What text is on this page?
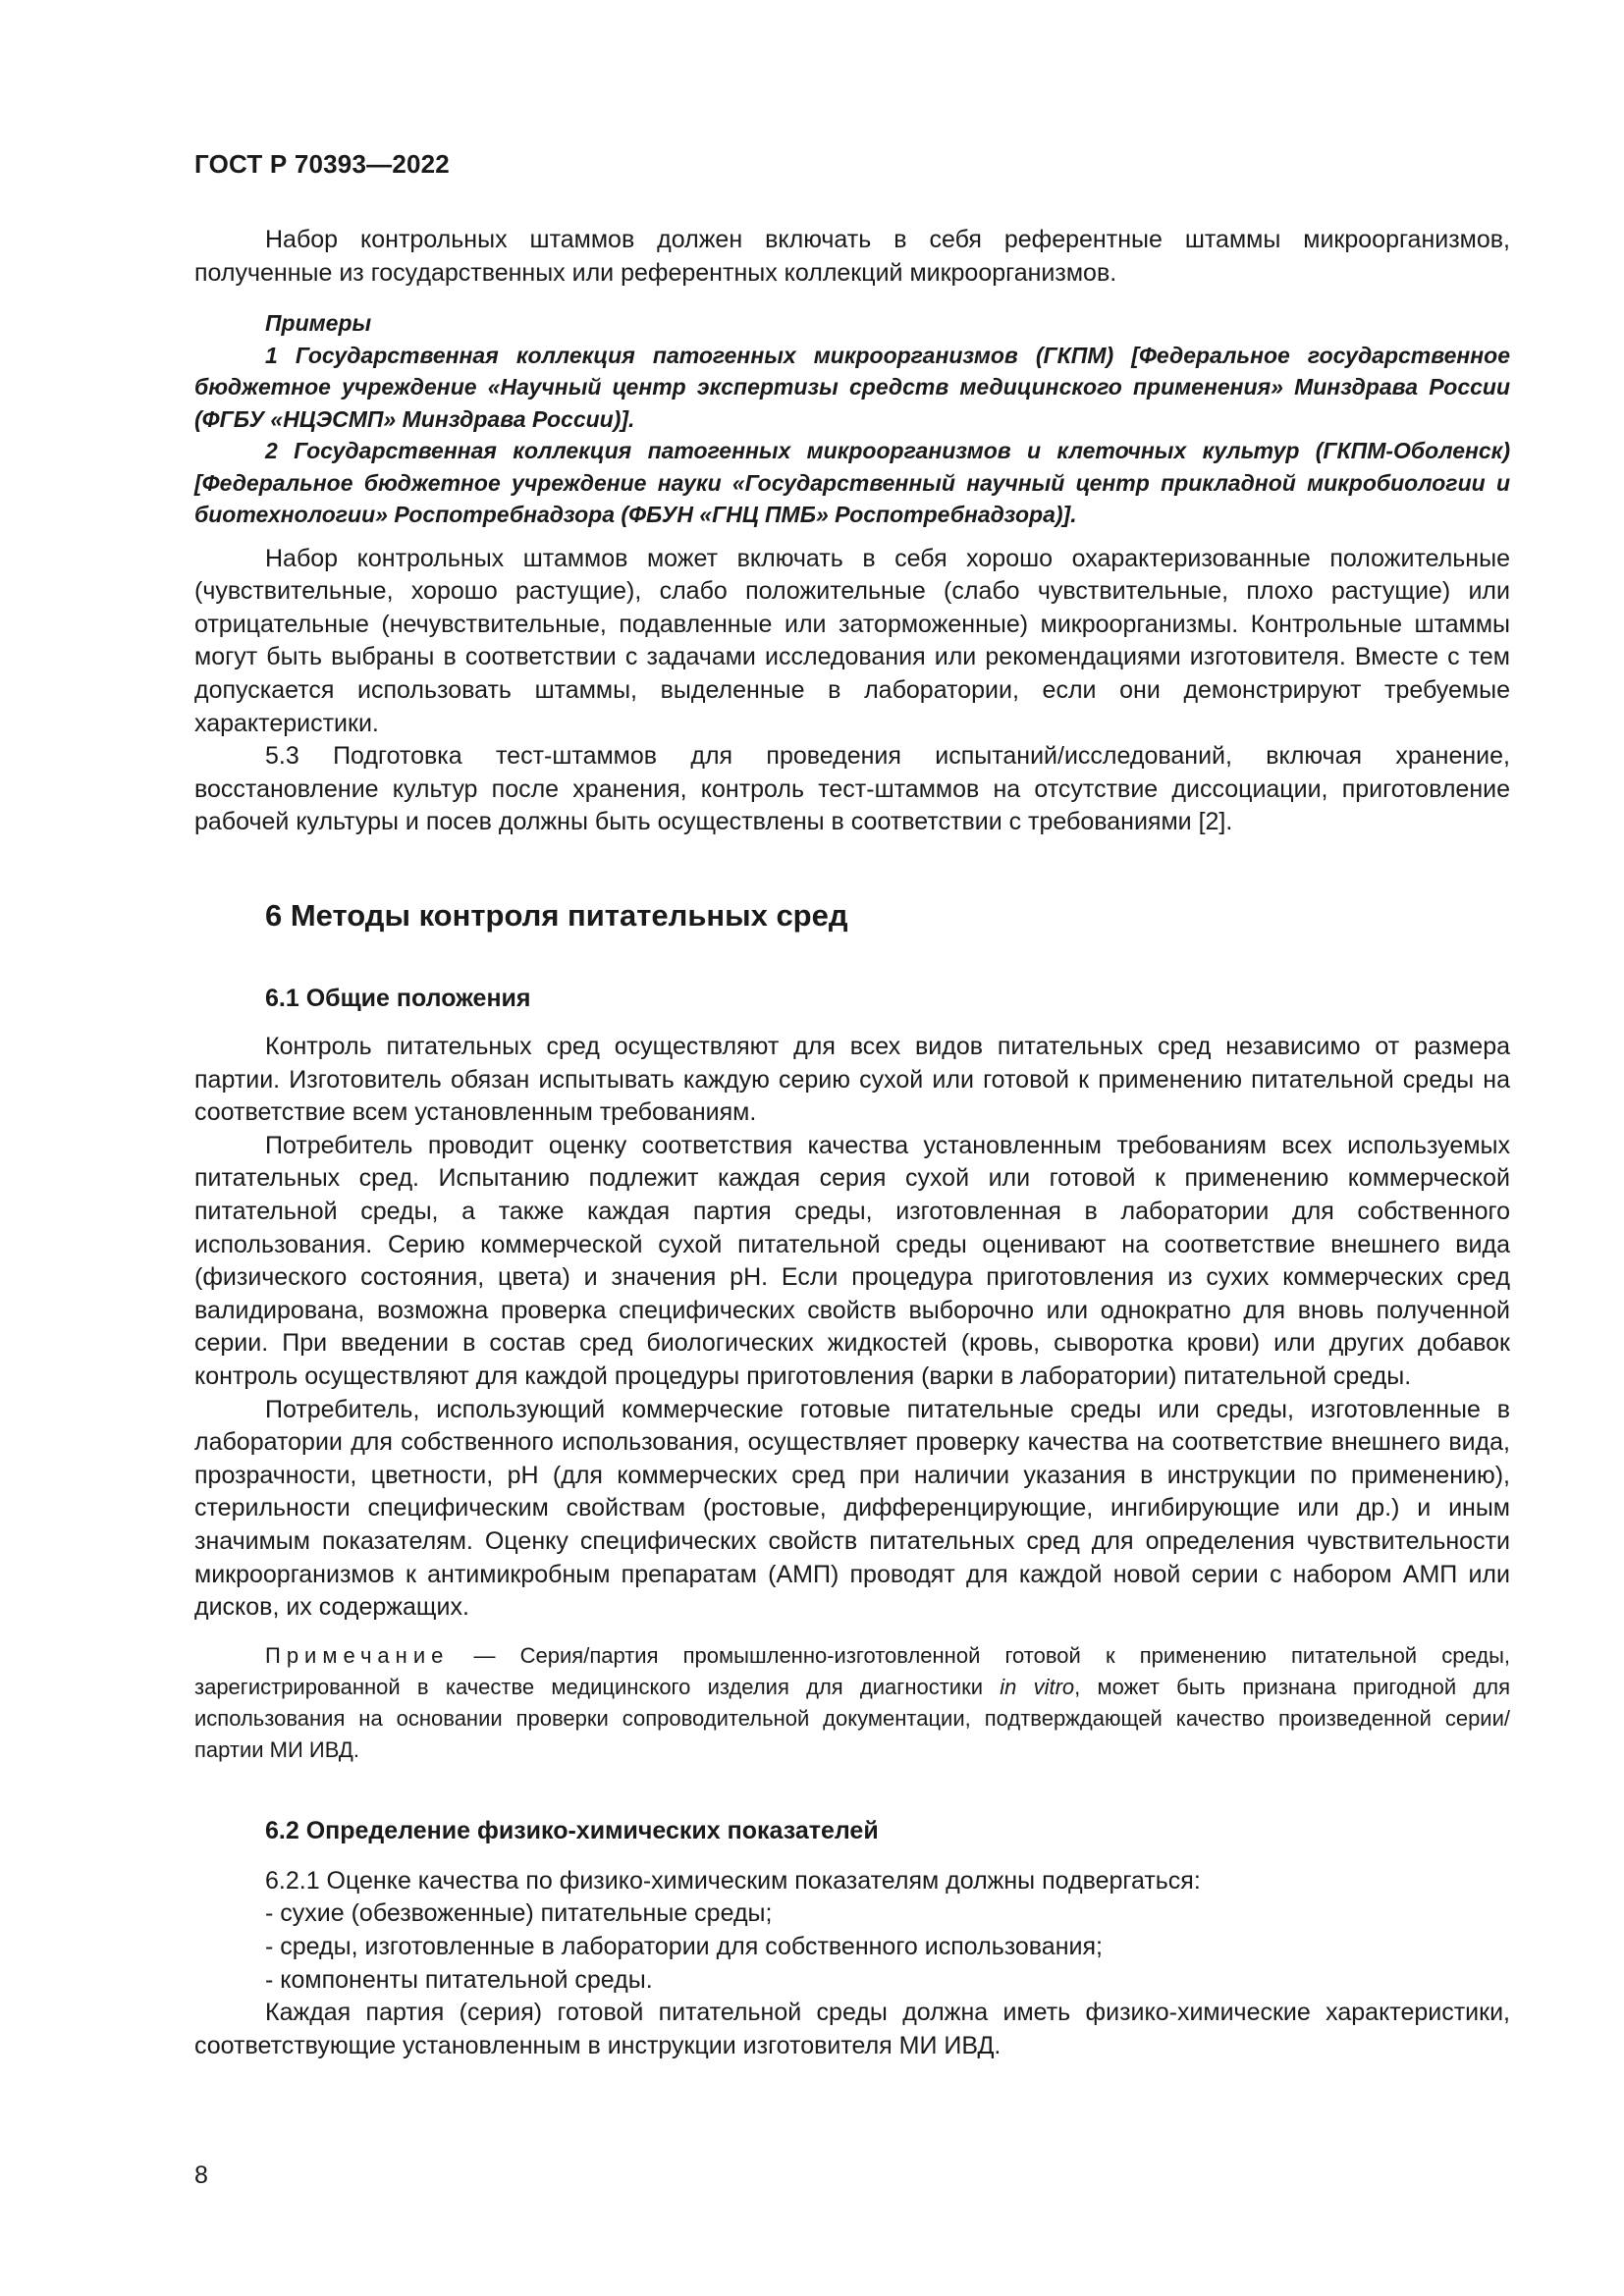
ГОСТ Р 70393—2022

Набор контрольных штаммов должен включать в себя референтные штаммы микроорганизмов, полученные из государственных или референтных коллекций микроорганизмов.

Примеры

1 Государственная коллекция патогенных микроорганизмов (ГКПМ) [Федеральное государственное бюджетное учреждение «Научный центр экспертизы средств медицинского применения» Минздрава России (ФГБУ «НЦЭСМП» Минздрава России)].

2 Государственная коллекция патогенных микроорганизмов и клеточных культур (ГКПМ-Оболенск) [Федеральное бюджетное учреждение науки «Государственный научный центр прикладной микробиологии и биотехнологии» Роспотребнадзора (ФБУН «ГНЦ ПМБ» Роспотребнадзора)].

Набор контрольных штаммов может включать в себя хорошо охарактеризованные положительные (чувствительные, хорошо растущие), слабо положительные (слабо чувствительные, плохо растущие) или отрицательные (нечувствительные, подавленные или заторможенные) микроорганизмы. Контрольные штаммы могут быть выбраны в соответствии с задачами исследования или рекомендациями изготовителя. Вместе с тем допускается использовать штаммы, выделенные в лаборатории, если они демонстрируют требуемые характеристики.

5.3 Подготовка тест-штаммов для проведения испытаний/исследований, включая хранение, восстановление культур после хранения, контроль тест-штаммов на отсутствие диссоциации, приготовление рабочей культуры и посев должны быть осуществлены в соответствии с требованиями [2].

6 Методы контроля питательных сред
6.1 Общие положения

Контроль питательных сред осуществляют для всех видов питательных сред независимо от размера партии. Изготовитель обязан испытывать каждую серию сухой или готовой к применению питательной среды на соответствие всем установленным требованиям.

Потребитель проводит оценку соответствия качества установленным требованиям всех используемых питательных сред. Испытанию подлежит каждая серия сухой или готовой к применению коммерческой питательной среды, а также каждая партия среды, изготовленная в лаборатории для собственного использования. Серию коммерческой сухой питательной среды оценивают на соответствие внешнего вида (физического состояния, цвета) и значения pH. Если процедура приготовления из сухих коммерческих сред валидирована, возможна проверка специфических свойств выборочно или однократно для вновь полученной серии. При введении в состав сред биологических жидкостей (кровь, сыворотка крови) или других добавок контроль осуществляют для каждой процедуры приготовления (варки в лаборатории) питательной среды.

Потребитель, использующий коммерческие готовые питательные среды или среды, изготовленные в лаборатории для собственного использования, осуществляет проверку качества на соответствие внешнего вида, прозрачности, цветности, pH (для коммерческих сред при наличии указания в инструкции по применению), стерильности специфическим свойствам (ростовые, дифференцирующие, ингибирующие или др.) и иным значимым показателям. Оценку специфических свойств питательных сред для определения чувствительности микроорганизмов к антимикробным препаратам (АМП) проводят для каждой новой серии с набором АМП или дисков, их содержащих.

Примечание — Серия/партия промышленно-изготовленной готовой к применению питательной среды, зарегистрированной в качестве медицинского изделия для диагностики in vitro, может быть признана пригодной для использования на основании проверки сопроводительной документации, подтверждающей качество произведенной серии/партии МИ ИВД.

6.2 Определение физико-химических показателей

6.2.1 Оценке качества по физико-химическим показателям должны подвергаться:

- сухие (обезвоженные) питательные среды;

- среды, изготовленные в лаборатории для собственного использования;

- компоненты питательной среды.

Каждая партия (серия) готовой питательной среды должна иметь физико-химические характеристики, соответствующие установленным в инструкции изготовителя МИ ИВД.

8
